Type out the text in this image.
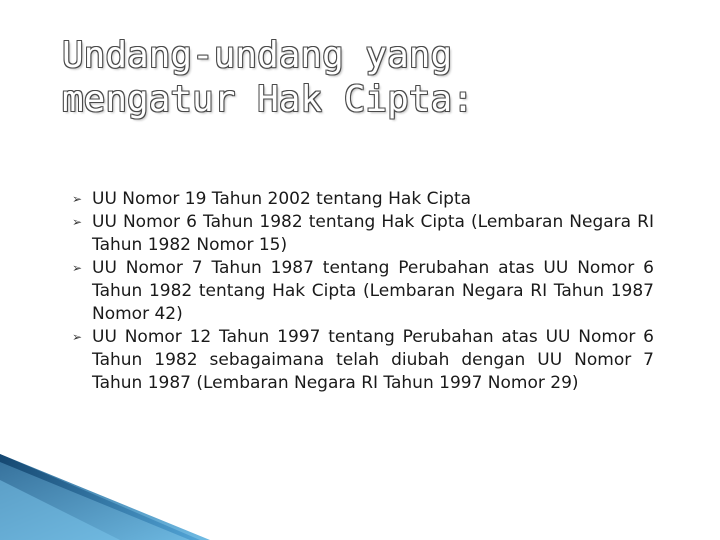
Undang-undang yang
mengatur Hak Cipta:
➢ UU Nomor 19 Tahun 2002 tentang Hak Cipta
➢ UU Nomor 6 Tahun 1982 tentang Hak Cipta (Lembaran Negara RI Tahun 1982 Nomor 15)
➢ UU Nomor 7 Tahun 1987 tentang Perubahan atas UU Nomor 6 Tahun 1982 tentang Hak Cipta (Lembaran Negara RI Tahun 1987 Nomor 42)
➢ UU Nomor 12 Tahun 1997 tentang Perubahan atas UU Nomor 6 Tahun 1982 sebagaimana telah diubah dengan UU Nomor 7 Tahun 1987 (Lembaran Negara RI Tahun 1997 Nomor 29)
